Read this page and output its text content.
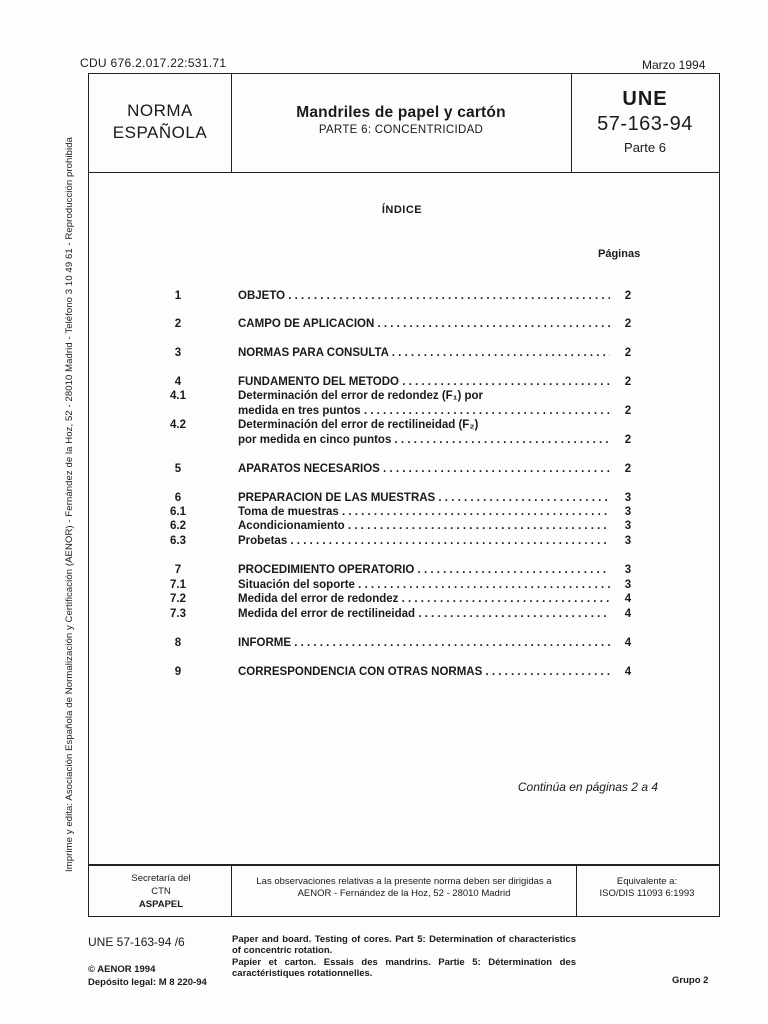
CDU 676.2.017.22:531.71	Marzo 1994
Imprime y edita: Asociación Española de Normalización y Certificación (AENOR) - Fernández de la Hoz, 52 - 28010 Madrid - Teléfono 3 10 49 61 - Reproducción prohibida
NORMA
ESPAÑOLA
Mandriles de papel y cartón
PARTE 6: CONCENTRICIDAD
UNE
57-163-94
Parte 6
ÍNDICE
Páginas
1	OBJETO . . .	2
2	CAMPO DE APLICACIÓN . . .	2
3	NORMAS PARA CONSULTA . . .	2
4	FUNDAMENTO DEL MÉTODO . . .	2
4.1	Determinación del error de redondez (F₁) por
medida en tres puntos . . .	2
4.2	Determinación del error de rectilineidad (F₂)
por medida en cinco puntos . . .	2
5	APARATOS NECESARIOS . . .	2
6	PREPARACIÓN DE LAS MUESTRAS . . .	3
6.1	Toma de muestras . . .	3
6.2	Acondicionamiento . . .	3
6.3	Probetas . . .	3
7	PROCEDIMIENTO OPERATORIO . . .	3
7.1	Situación del soporte . . .	3
7.2	Medida del error de redondez . . .	4
7.3	Medida del error de rectilineidad . . .	4
8	INFORME . . .	4
9	CORRESPONDENCIA CON OTRAS NORMAS . . .	4
Continúa en páginas 2 a 4
Secretaría del
CTN
ASPAPEL
Las observaciones relativas a la presente norma deben ser dirigidas a
AENOR - Fernández de la Hoz, 52 - 28010 Madrid
Equivalente a:
ISO/DIS 11093 6:1993
UNE 57-163-94 /6	Paper and board. Testing of cores. Part 5: Determination of characteristics of concentric rotation.
Papier et carton. Essais des mandrins. Partie 5: Détermination des caractéristiques rotationnelles.
© AENOR 1994
Depósito legal: M 8 220-94	Grupo 2
